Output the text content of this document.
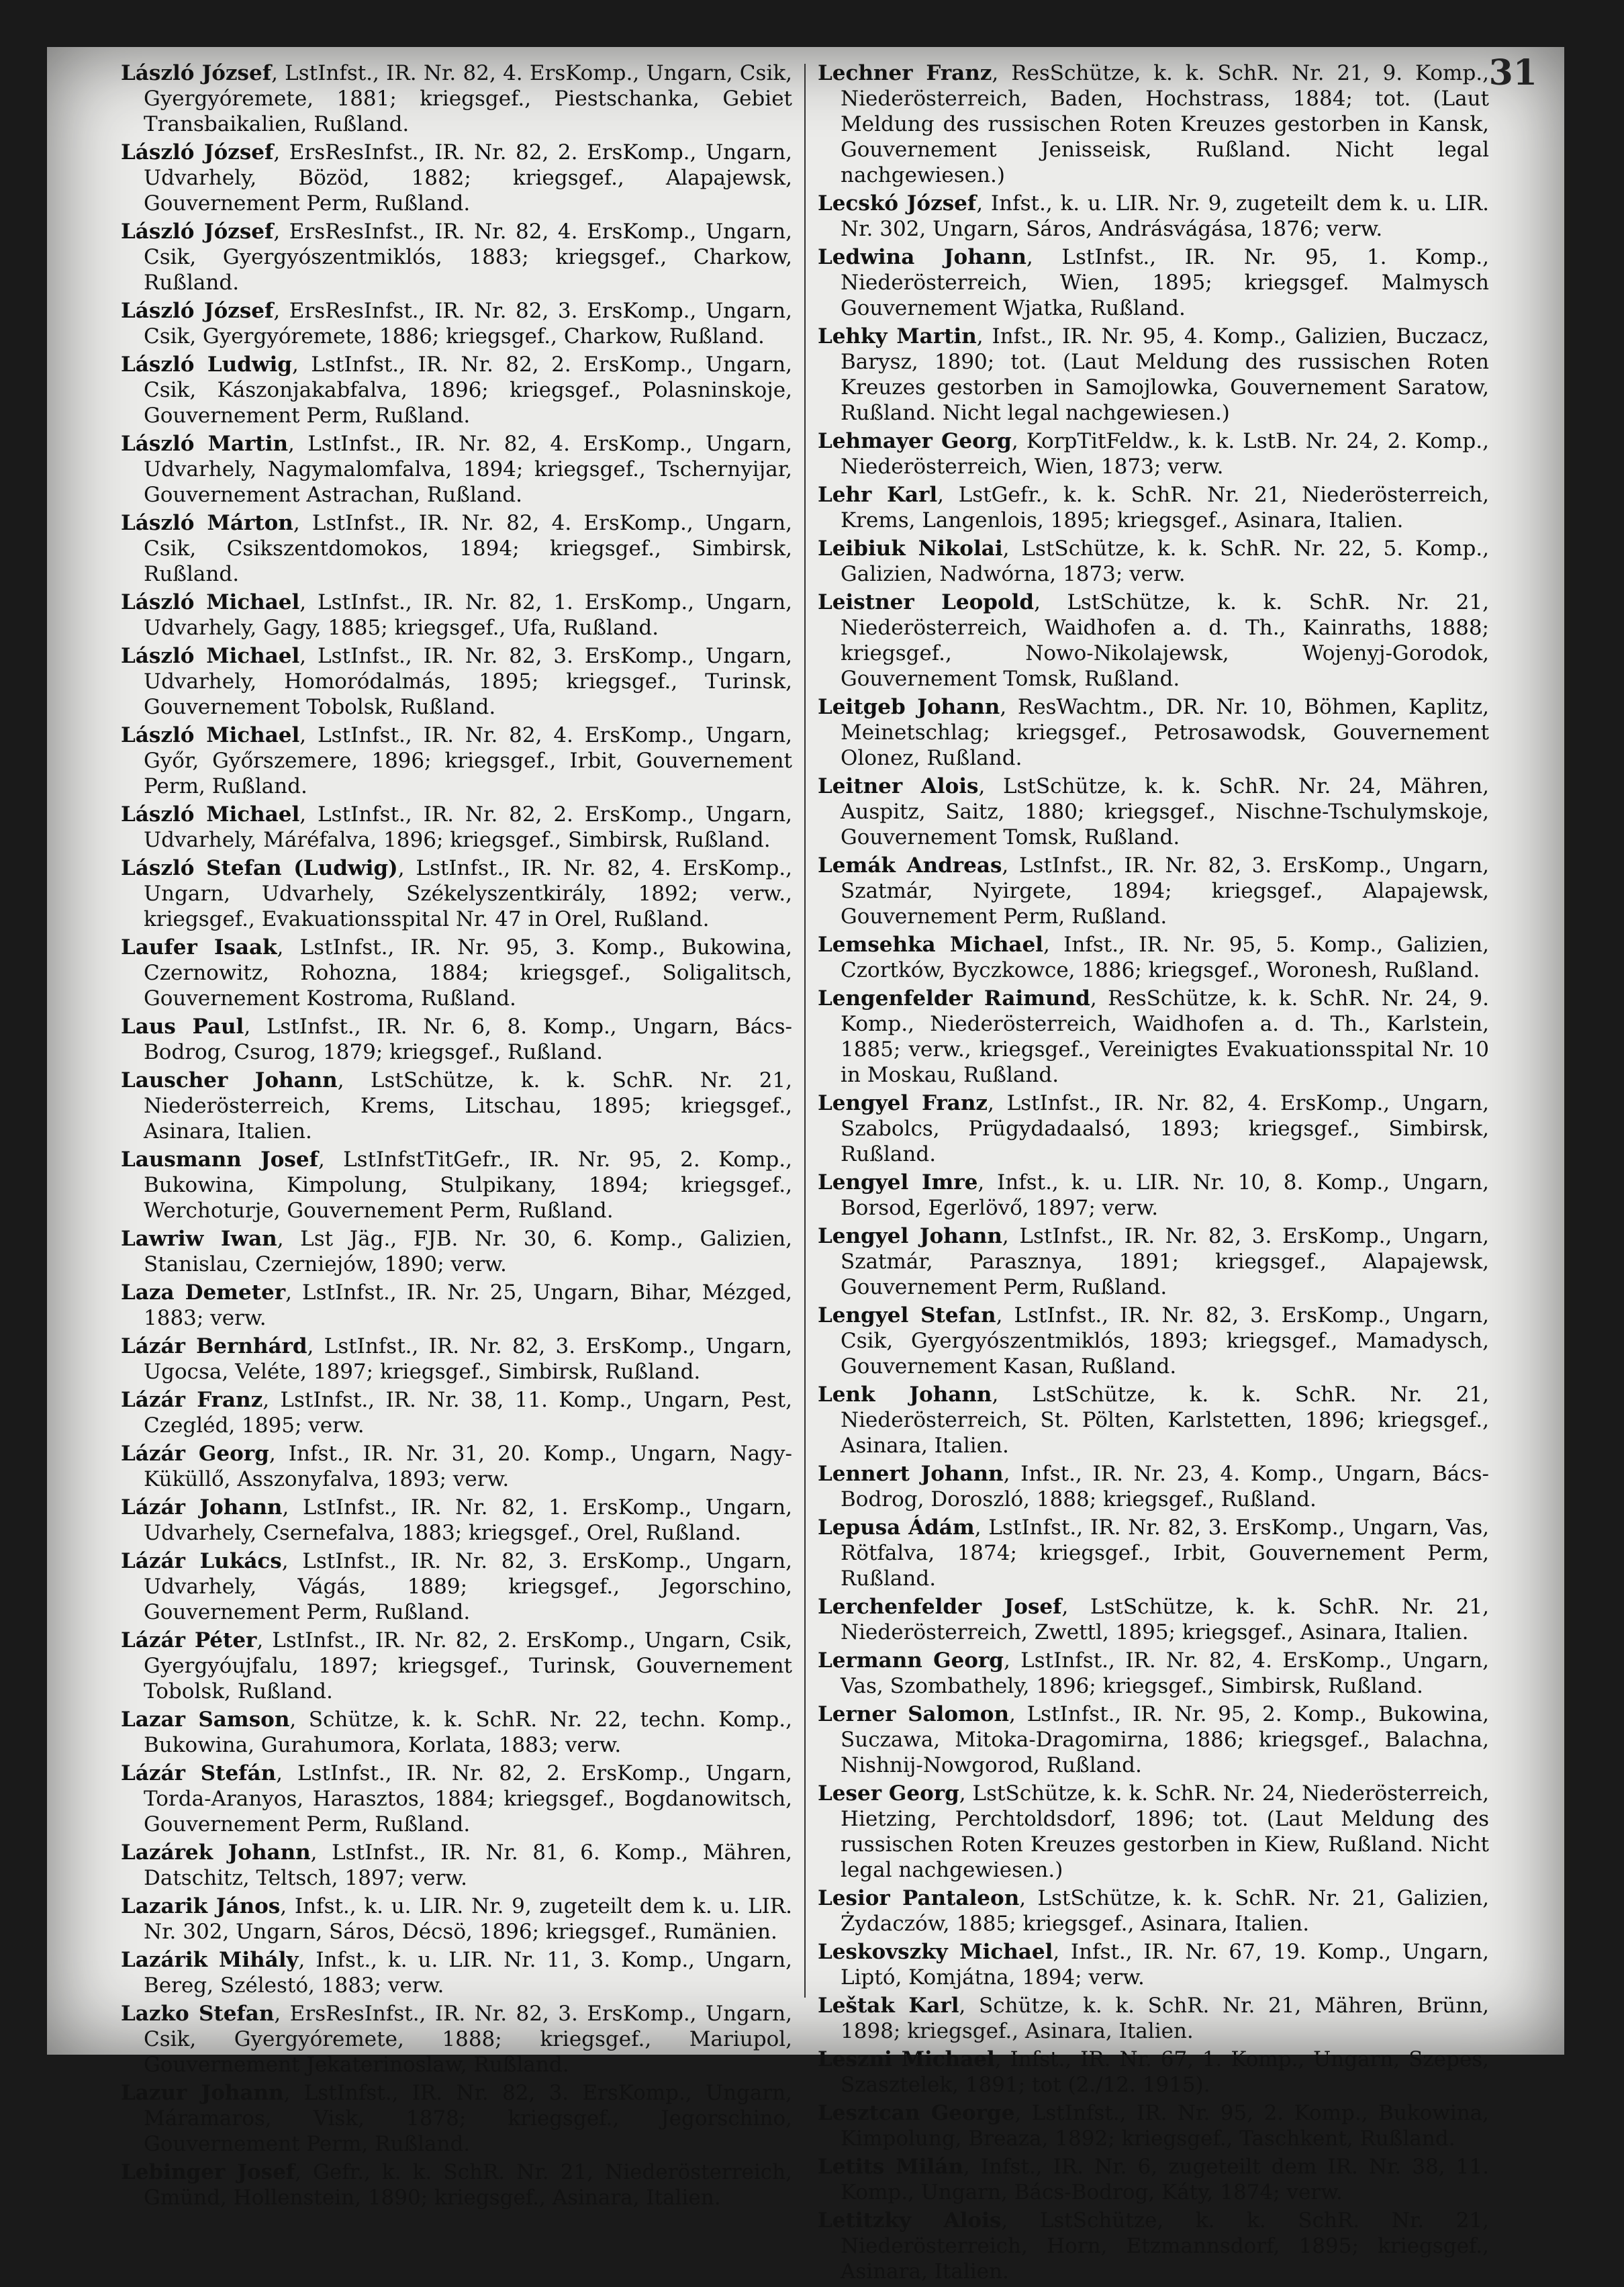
31

László József, LstInfst., IR. Nr. 82, 4. ErsKomp., Ungarn, Csik, Gyergyóremete, 1881; kriegsgef., Piestschanka, Gebiet Transbaikalien, Rußland.

László József, ErsResInfst., IR. Nr. 82, 2. ErsKomp., Ungarn, Udvarhely, Bözöd, 1882; kriegsgef., Alapajewsk, Gouvernement Perm, Rußland.

László József, ErsResInfst., IR. Nr. 82, 4. ErsKomp., Ungarn, Csik, Gyergyószentmiklós, 1883; kriegsgef., Charkow, Rußland.

László József, ErsResInfst., IR. Nr. 82, 3. ErsKomp., Ungarn, Csik, Gyergyóremete, 1886; kriegsgef., Charkow, Rußland.

László Ludwig, LstInfst., IR. Nr. 82, 2. ErsKomp., Ungarn, Csik, Kászonjakabfalva, 1896; kriegsgef., Polasninskoje, Gouvernement Perm, Rußland.

László Martin, LstInfst., IR. Nr. 82, 4. ErsKomp., Ungarn, Udvarhely, Nagymalomfalva, 1894; kriegsgef., Tschernyijar, Gouvernement Astrachan, Rußland.

László Márton, LstInfst., IR. Nr. 82, 4. ErsKomp., Ungarn, Csik, Csikszentdomokos, 1894; kriegsgef., Simbirsk, Rußland.

László Michael, LstInfst., IR. Nr. 82, 1. ErsKomp., Ungarn, Udvarhely, Gagy, 1885; kriegsgef., Ufa, Rußland.

László Michael, LstInfst., IR. Nr. 82, 3. ErsKomp., Ungarn, Udvarhely, Homoródalmás, 1895; kriegsgef., Turinsk, Gouvernement Tobolsk, Rußland.

László Michael, LstInfst., IR. Nr. 82, 4. ErsKomp., Ungarn, Győr, Győrszemere, 1896; kriegsgef., Irbit, Gouvernement Perm, Rußland.

László Michael, LstInfst., IR. Nr. 82, 2. ErsKomp., Ungarn, Udvarhely, Máréfalva, 1896; kriegsgef., Simbirsk, Rußland.

László Stefan (Ludwig), LstInfst., IR. Nr. 82, 4. ErsKomp., Ungarn, Udvarhely, Székelyszentkirály, 1892; verw., kriegsgef., Evakuationsspital Nr. 47 in Orel, Rußland.

Laufer Isaak, LstInfst., IR. Nr. 95, 3. Komp., Bukowina, Czernowitz, Rohozna, 1884; kriegsgef., Soligalitsch, Gouvernement Kostroma, Rußland.

Laus Paul, LstInfst., IR. Nr. 6, 8. Komp., Ungarn, Bács-Bodrog, Csurog, 1879; kriegsgef., Rußland.

Lauscher Johann, LstSchütze, k. k. SchR. Nr. 21, Niederösterreich, Krems, Litschau, 1895; kriegsgef., Asinara, Italien.

Lausmann Josef, LstInfstTitGefr., IR. Nr. 95, 2. Komp., Bukowina, Kimpolung, Stulpikany, 1894; kriegsgef., Werchoturje, Gouvernement Perm, Rußland.

Lawriw Iwan, Lst Jäg., FJB. Nr. 30, 6. Komp., Galizien, Stanislau, Czerniejów, 1890; verw.

Laza Demeter, LstInfst., IR. Nr. 25, Ungarn, Bihar, Mézged, 1883; verw.

Lázár Bernhárd, LstInfst., IR. Nr. 82, 3. ErsKomp., Ungarn, Ugocsa, Veléte, 1897; kriegsgef., Simbirsk, Rußland.

Lázár Franz, LstInfst., IR. Nr. 38, 11. Komp., Ungarn, Pest, Czegléd, 1895; verw.

Lázár Georg, Infst., IR. Nr. 31, 20. Komp., Ungarn, Nagy-Küküllő, Asszonyfalva, 1893; verw.

Lázár Johann, LstInfst., IR. Nr. 82, 1. ErsKomp., Ungarn, Udvarhely, Csernefalva, 1883; kriegsgef., Orel, Rußland.

Lázár Lukács, LstInfst., IR. Nr. 82, 3. ErsKomp., Ungarn, Udvarhely, Vágás, 1889; kriegsgef., Jegorschino, Gouvernement Perm, Rußland.

Lázár Péter, LstInfst., IR. Nr. 82, 2. ErsKomp., Ungarn, Csik, Gyergyóujfalu, 1897; kriegsgef., Turinsk, Gouvernement Tobolsk, Rußland.

Lazar Samson, Schütze, k. k. SchR. Nr. 22, techn. Komp., Bukowina, Gurahumora, Korlata, 1883; verw.

Lázár Stefán, LstInfst., IR. Nr. 82, 2. ErsKomp., Ungarn, Torda-Aranyos, Harasztos, 1884; kriegsgef., Bogdanowitsch, Gouvernement Perm, Rußland.

Lazárek Johann, LstInfst., IR. Nr. 81, 6. Komp., Mähren, Datschitz, Teltsch, 1897; verw.

Lazarik János, Infst., k. u. LIR. Nr. 9, zugeteilt dem k. u. LIR. Nr. 302, Ungarn, Sáros, Décsö, 1896; kriegsgef., Rumänien.

Lazárik Mihály, Infst., k. u. LIR. Nr. 11, 3. Komp., Ungarn, Bereg, Szélestó, 1883; verw.

Lazko Stefan, ErsResInfst., IR. Nr. 82, 3. ErsKomp., Ungarn, Csik, Gyergyóremete, 1888; kriegsgef., Mariupol, Gouvernement Jekaterinoslaw, Rußland.

Lazur Johann, LstInfst., IR. Nr. 82, 3. ErsKomp., Ungarn, Máramaros, Visk, 1878; kriegsgef., Jegorschino, Gouvernement Perm, Rußland.

Lebinger Josef, Gefr., k. k. SchR. Nr. 21, Niederösterreich, Gmünd, Hollenstein, 1890; kriegsgef., Asinara, Italien.

Lechner Franz, ResSchütze, k. k. SchR. Nr. 21, 9. Komp., Niederösterreich, Baden, Hochstrass, 1884; tot. (Laut Meldung des russischen Roten Kreuzes gestorben in Kansk, Gouvernement Jenisseisk, Rußland. Nicht legal nachgewiesen.)

Lecskó József, Infst., k. u. LIR. Nr. 9, zugeteilt dem k. u. LIR. Nr. 302, Ungarn, Sáros, Andrásvágása, 1876; verw.

Ledwina Johann, LstInfst., IR. Nr. 95, 1. Komp., Niederösterreich, Wien, 1895; kriegsgef. Malmysch Gouvernement Wjatka, Rußland.

Lehky Martin, Infst., IR. Nr. 95, 4. Komp., Galizien, Buczacz, Barysz, 1890; tot. (Laut Meldung des russischen Roten Kreuzes gestorben in Samojlowka, Gouvernement Saratow, Rußland. Nicht legal nachgewiesen.)

Lehmayer Georg, KorpTitFeldw., k. k. LstB. Nr. 24, 2. Komp., Niederösterreich, Wien, 1873; verw.

Lehr Karl, LstGefr., k. k. SchR. Nr. 21, Niederösterreich, Krems, Langenlois, 1895; kriegsgef., Asinara, Italien.

Leibiuk Nikolai, LstSchütze, k. k. SchR. Nr. 22, 5. Komp., Galizien, Nadwórna, 1873; verw.

Leistner Leopold, LstSchütze, k. k. SchR. Nr. 21, Niederösterreich, Waidhofen a. d. Th., Kainraths, 1888; kriegsgef., Nowo-Nikolajewsk, Wojenyj-Gorodok, Gouvernement Tomsk, Rußland.

Leitgeb Johann, ResWachtm., DR. Nr. 10, Böhmen, Kaplitz, Meinetschlag; kriegsgef., Petrosawodsk, Gouvernement Olonez, Rußland.

Leitner Alois, LstSchütze, k. k. SchR. Nr. 24, Mähren, Auspitz, Saitz, 1880; kriegsgef., Nischne-Tschulymskoje, Gouvernement Tomsk, Rußland.

Lemák Andreas, LstInfst., IR. Nr. 82, 3. ErsKomp., Ungarn, Szatmár, Nyirgete, 1894; kriegsgef., Alapajewsk, Gouvernement Perm, Rußland.

Lemsehka Michael, Infst., IR. Nr. 95, 5. Komp., Galizien, Czortków, Byczkowce, 1886; kriegsgef., Woronesh, Rußland.

Lengenfelder Raimund, ResSchütze, k. k. SchR. Nr. 24, 9. Komp., Niederösterreich, Waidhofen a. d. Th., Karlstein, 1885; verw., kriegsgef., Vereinigtes Evakuationsspital Nr. 10 in Moskau, Rußland.

Lengyel Franz, LstInfst., IR. Nr. 82, 4. ErsKomp., Ungarn, Szabolcs, Prügydadaalsó, 1893; kriegsgef., Simbirsk, Rußland.

Lengyel Imre, Infst., k. u. LIR. Nr. 10, 8. Komp., Ungarn, Borsod, Egerlövő, 1897; verw.

Lengyel Johann, LstInfst., IR. Nr. 82, 3. ErsKomp., Ungarn, Szatmár, Parasznya, 1891; kriegsgef., Alapajewsk, Gouvernement Perm, Rußland.

Lengyel Stefan, LstInfst., IR. Nr. 82, 3. ErsKomp., Ungarn, Csik, Gyergyószentmiklós, 1893; kriegsgef., Mamadysch, Gouvernement Kasan, Rußland.

Lenk Johann, LstSchütze, k. k. SchR. Nr. 21, Niederösterreich, St. Pölten, Karlstetten, 1896; kriegsgef., Asinara, Italien.

Lennert Johann, Infst., IR. Nr. 23, 4. Komp., Ungarn, Bács-Bodrog, Doroszló, 1888; kriegsgef., Rußland.

Lepusa Ádám, LstInfst., IR. Nr. 82, 3. ErsKomp., Ungarn, Vas, Rötfalva, 1874; kriegsgef., Irbit, Gouvernement Perm, Rußland.

Lerchenfelder Josef, LstSchütze, k. k. SchR. Nr. 21, Niederösterreich, Zwettl, 1895; kriegsgef., Asinara, Italien.

Lermann Georg, LstInfst., IR. Nr. 82, 4. ErsKomp., Ungarn, Vas, Szombathely, 1896; kriegsgef., Simbirsk, Rußland.

Lerner Salomon, LstInfst., IR. Nr. 95, 2. Komp., Bukowina, Suczawa, Mitoka-Dragomirna, 1886; kriegsgef., Balachna, Nishnij-Nowgorod, Rußland.

Leser Georg, LstSchütze, k. k. SchR. Nr. 24, Niederösterreich, Hietzing, Perchtoldsdorf, 1896; tot. (Laut Meldung des russischen Roten Kreuzes gestorben in Kiew, Rußland. Nicht legal nachgewiesen.)

Lesior Pantaleon, LstSchütze, k. k. SchR. Nr. 21, Galizien, Żydaczów, 1885; kriegsgef., Asinara, Italien.

Leskovszky Michael, Infst., IR. Nr. 67, 19. Komp., Ungarn, Liptó, Komjátna, 1894; verw.

Leštak Karl, Schütze, k. k. SchR. Nr. 21, Mähren, Brünn, 1898; kriegsgef., Asinara, Italien.

Leszni Michael, Infst., IR. Nr. 67, 1. Komp., Ungarn, Szepes, Szasztelek, 1891; tot (2./12. 1915).

Lesztcan George, LstInfst., IR. Nr. 95, 2. Komp., Bukowina, Kimpolung, Breaza, 1892; kriegsgef., Taschkent, Rußland.

Letits Milán, Infst., IR. Nr. 6, zugeteilt dem IR. Nr. 38, 11. Komp., Ungarn, Bács-Bodrog, Káty, 1874; verw.

Letitzky Alois, LstSchütze, k. k. SchR. Nr. 21, Niederösterreich, Horn, Etzmannsdorf, 1895; kriegsgef., Asinara, Italien.
